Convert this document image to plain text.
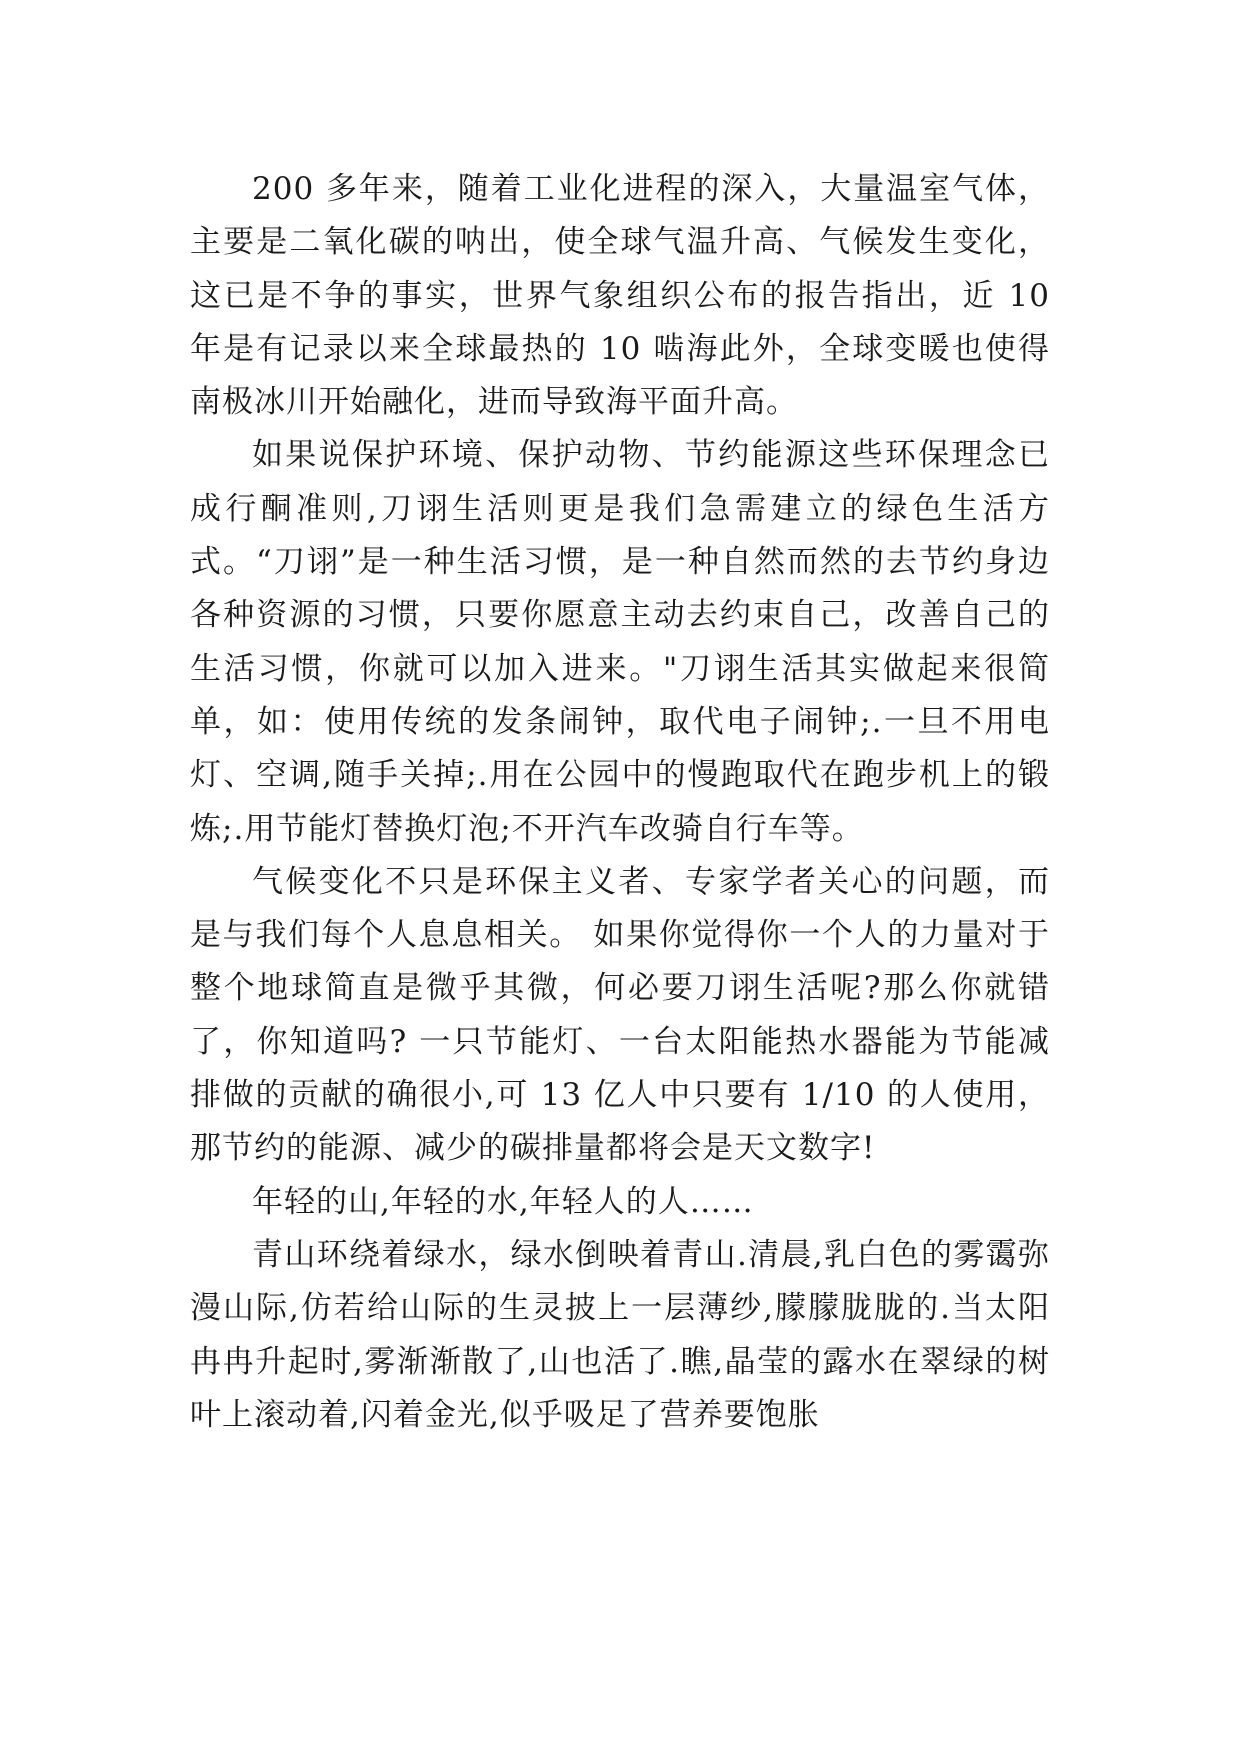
200 多年来，随着工业化进程的深入，大量温室气体，主要是二氧化碳的呐出，使全球气温升高、气候发生变化，这已是不争的事实，世界气象组织公布的报告指出，近 10 年是有记录以来全球最热的 10 啮海此外，全球变暖也使得南极冰川开始融化，进而导致海平面升高。

如果说保护环境、保护动物、节约能源这些环保理念已成行酮准则,刀诩生活则更是我们急需建立的绿色生活方式。“刀诩”是一种生活习惯，是一种自然而然的去节约身边各种资源的习惯，只要你愿意主动去约束自己，改善自己的生活习惯，你就可以加入进来。"刀诩生活其实做起来很简单，如：使用传统的发条闹钟，取代电子闹钟;.一旦不用电灯、空调,随手关掉;.用在公园中的慢跑取代在跑步机上的锻炼;.用节能灯替换灯泡;不开汽车改骑自行车等。

气候变化不只是环保主义者、专家学者关心的问题，而是与我们每个人息息相关。 如果你觉得你一个人的力量对于整个地球简直是微乎其微，何必要刀诩生活呢?那么你就错了，你知道吗? 一只节能灯、一台太阳能热水器能为节能减排做的贡献的确很小,可 13 亿人中只要有 1/10 的人使用，那节约的能源、减少的碳排量都将会是天文数字!

年轻的山,年轻的水,年轻人的人……

青山环绕着绿水，绿水倒映着青山.清晨,乳白色的雾霭弥漫山际,仿若给山际的生灵披上一层薄纱,朦朦胧胧的.当太阳冉冉升起时,雾渐渐散了,山也活了.瞧,晶莹的露水在翠绿的树叶上滚动着,闪着金光,似乎吸足了营养要饱胀
